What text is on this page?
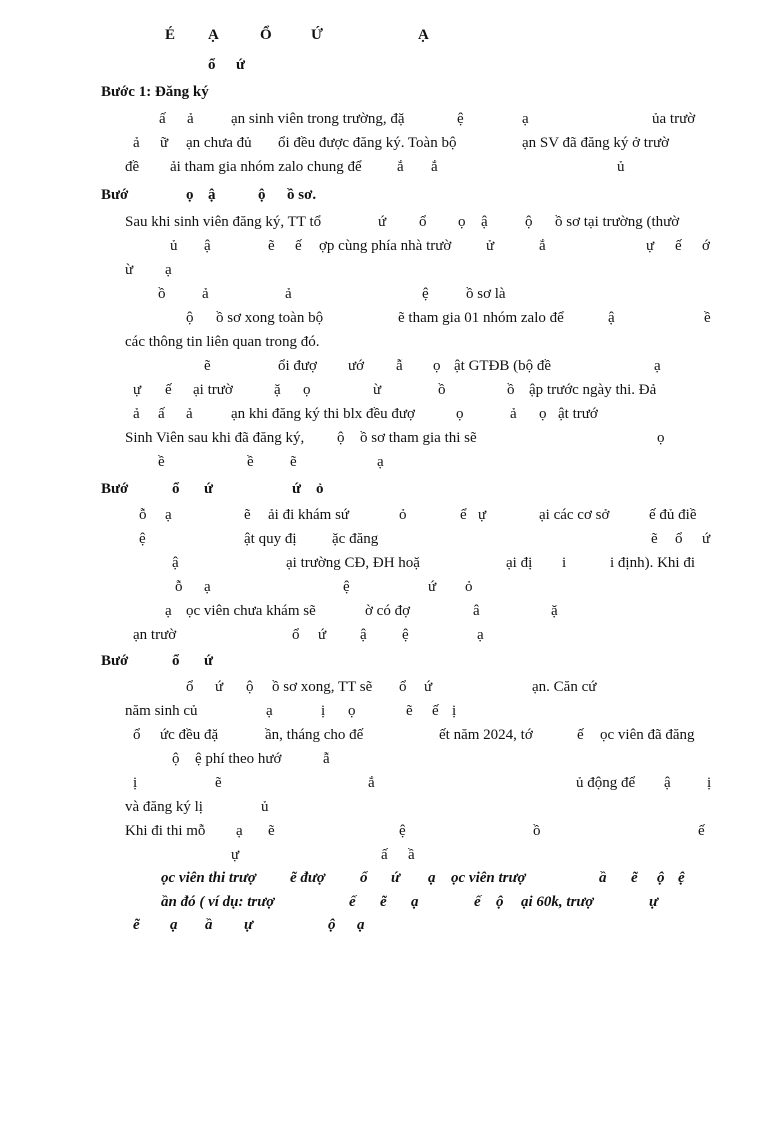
É

Ạ

	Ổ

	Ứ

	Ạ

ổ

ứ

Bước 1: Đăng ký

ấ

ả

ạn sinh viên trong trường, đặ

	ệ

	ạ

	ủa trườ

ả

ữ

ạn chưa đủ

ổi đều được đăng ký. Toàn bộ

	ạn SV đã đăng ký ở trườ

đề

ải tham gia nhóm zalo chung để

ắ

ắ

	ủ

Bướ

	ọ

ậ

	ộ

ồ sơ.

Sau khi sinh viên đăng ký, TT tổ

	ứ

ổ

ọ

ậ

ộ

ồ sơ tại trường (thườ

ủ

ậ

	ẽ

ế

ợp cùng phía nhà trườ

ử

	ắ

	ự

ế

ớ

ừ

ạ

ồ

ả

	ả

	ệ

ồ sơ là

ộ

ồ sơ xong toàn bộ

	ẽ tham gia 01 nhóm zalo để

	ậ

	ề

các thông tin liên quan trong đó.

ẽ

	ổi đượ

ướ

ẫ

ọ

ật GTĐB (bộ đề

	ạ

ự

ế

ại trườ

	ặ

ọ

	ừ

	ồ

	ồ

ập trước ngày thi. Đả

ả

ấ

ả

	ạn khi đăng ký thi blx đều đượ

	ọ

	ả

ọ

ật trướ

Sinh Viên sau khi đã đăng ký,

ộ

ồ sơ tham gia thi sẽ

	ọ

ề

	ề

ẽ

	ạ

Bướ

	ổ

ứ

	ứ

ỏ

ỗ

ạ

	ẽ

ải đi khám sứ

	ỏ

	ể

ự

	ại các cơ sở

	ế đủ điề

ệ

	ật quy đị

ặc đăng

	ẽ

ổ

ứ

ậ

	ại trường CĐ, ĐH hoặ

	ại đị

i

	i định). Khi đi

ỗ

ạ

	ệ

	ứ

ỏ

ạ

ọc viên chưa khám sẽ

	ờ có đợ

	â

	ặ

ạn trườ

	ổ

ứ

ậ

ệ

	ạ

Bướ

	ổ

ứ

ổ

ứ

ộ

ồ sơ xong, TT sẽ

ổ

ứ

	ạn. Căn cứ

năm sinh củ

	ạ

	ị

ọ

	ẽ

ế

ị

ổ

ức đều đặ

	ần, tháng cho đế

	ết năm 2024, tớ

	ế

ọc viên đã đăng

ộ

ệ phí theo hướ

	ẫ

ị

	ẽ

	ắ

	ủ động để

ậ

ị

và đăng ký lị

	ủ

Khi đi thi mỗ

ạ

ẽ

	ệ

	ồ

	ế

ự

	ấ

ầ

ọc viên thi trượ

ẽ đượ

ổ

ứ

ạ

ọc viên trượ

	ầ

ẽ

ộ

ệ

ần đó ( ví dụ: trượ

	ế

ẽ

ạ

	ế

ộ

ại 60k, trượ

	ự

ẽ

ạ

ầ

ự

	ộ

ạ
